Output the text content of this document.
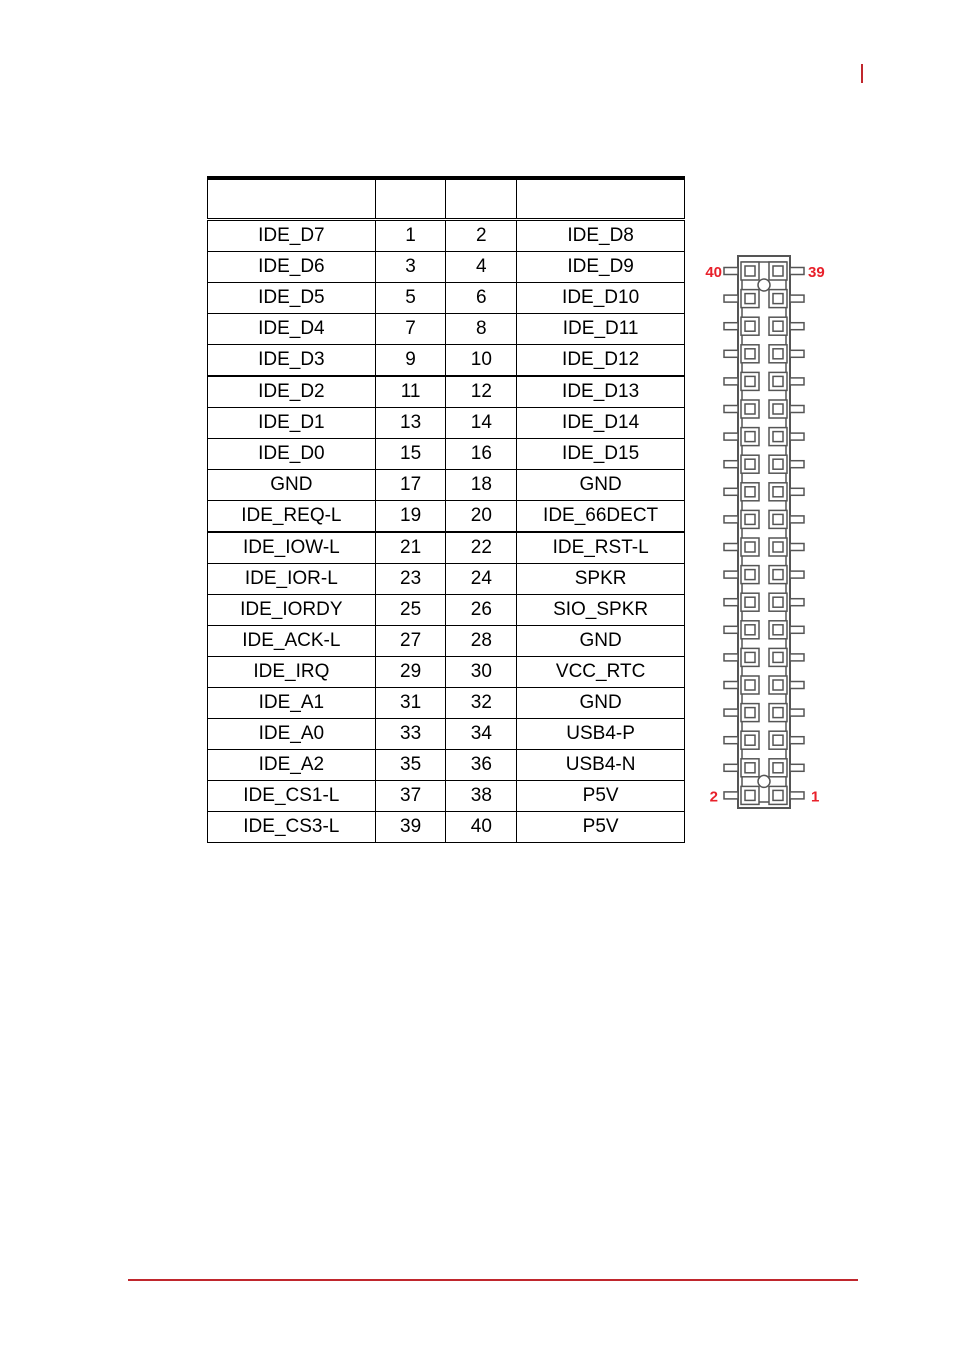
IDE_D7	1	2	IDE_D8
IDE_D6	3	4	IDE_D9
IDE_D5	5	6	IDE_D10
IDE_D4	7	8	IDE_D11
IDE_D3	9	10	IDE_D12
IDE_D2	11	12	IDE_D13
IDE_D1	13	14	IDE_D14
IDE_D0	15	16	IDE_D15
GND	17	18	GND
IDE_REQ-L	19	20	IDE_66DECT
IDE_IOW-L	21	22	IDE_RST-L
IDE_IOR-L	23	24	SPKR
IDE_IORDY	25	26	SIO_SPKR
IDE_ACK-L	27	28	GND
IDE_IRQ	29	30	VCC_RTC
IDE_A1	31	32	GND
IDE_A0	33	34	USB4-P
IDE_A2	35	36	USB4-N
IDE_CS1-L	37	38	P5V
IDE_CS3-L	39	40	P5V
40	39
2	1
